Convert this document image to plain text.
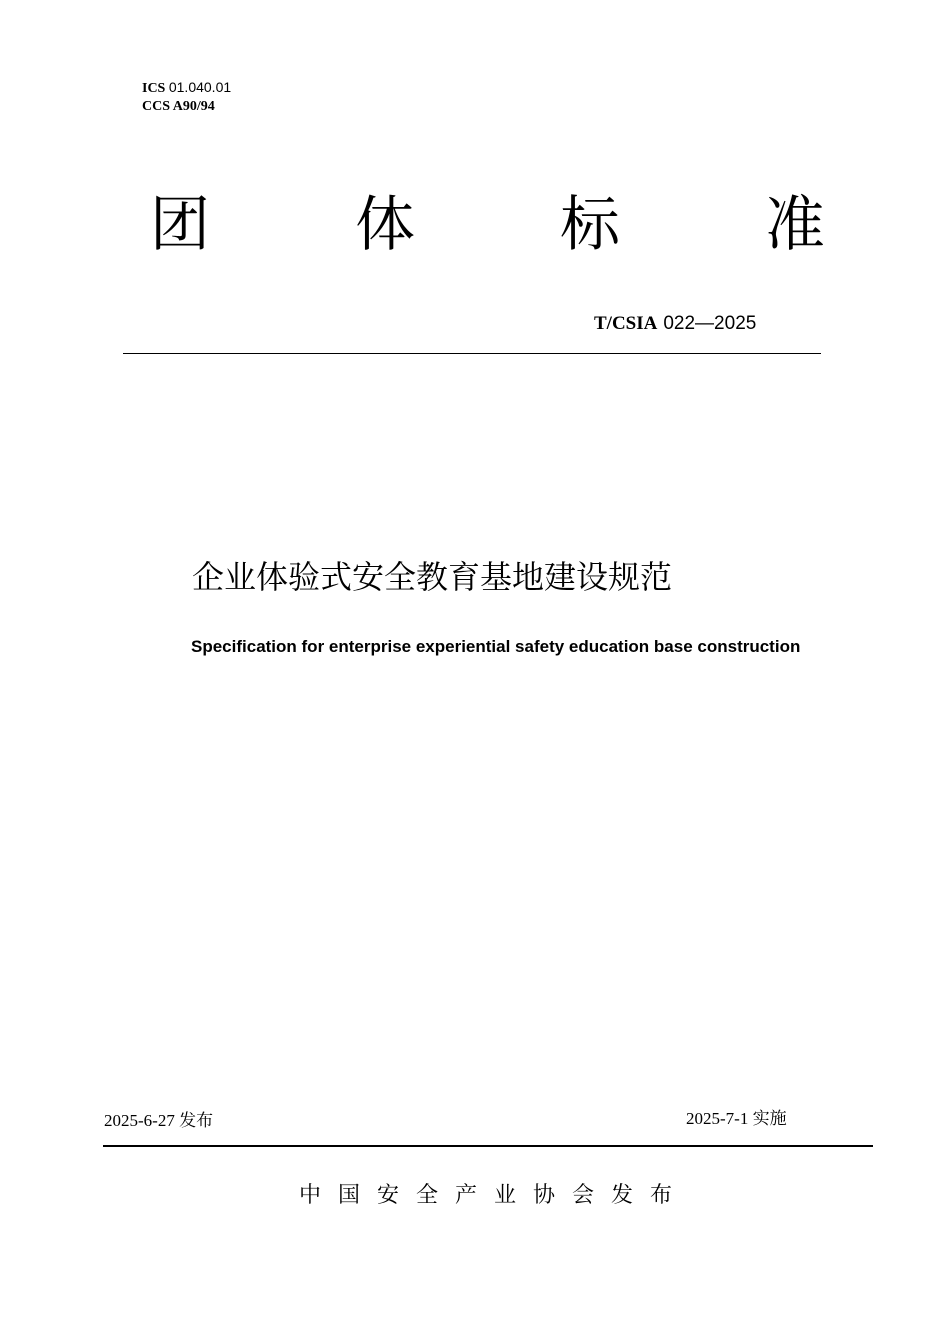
ICS 01.040.01
CCS A90/94
团 体 标 准
T/CSIA 022—2025
企业体验式安全教育基地建设规范
Specification for enterprise experiential safety education base construction
2025-6-27 发布	2025-7-1 实施
中国安全产业协会发布
